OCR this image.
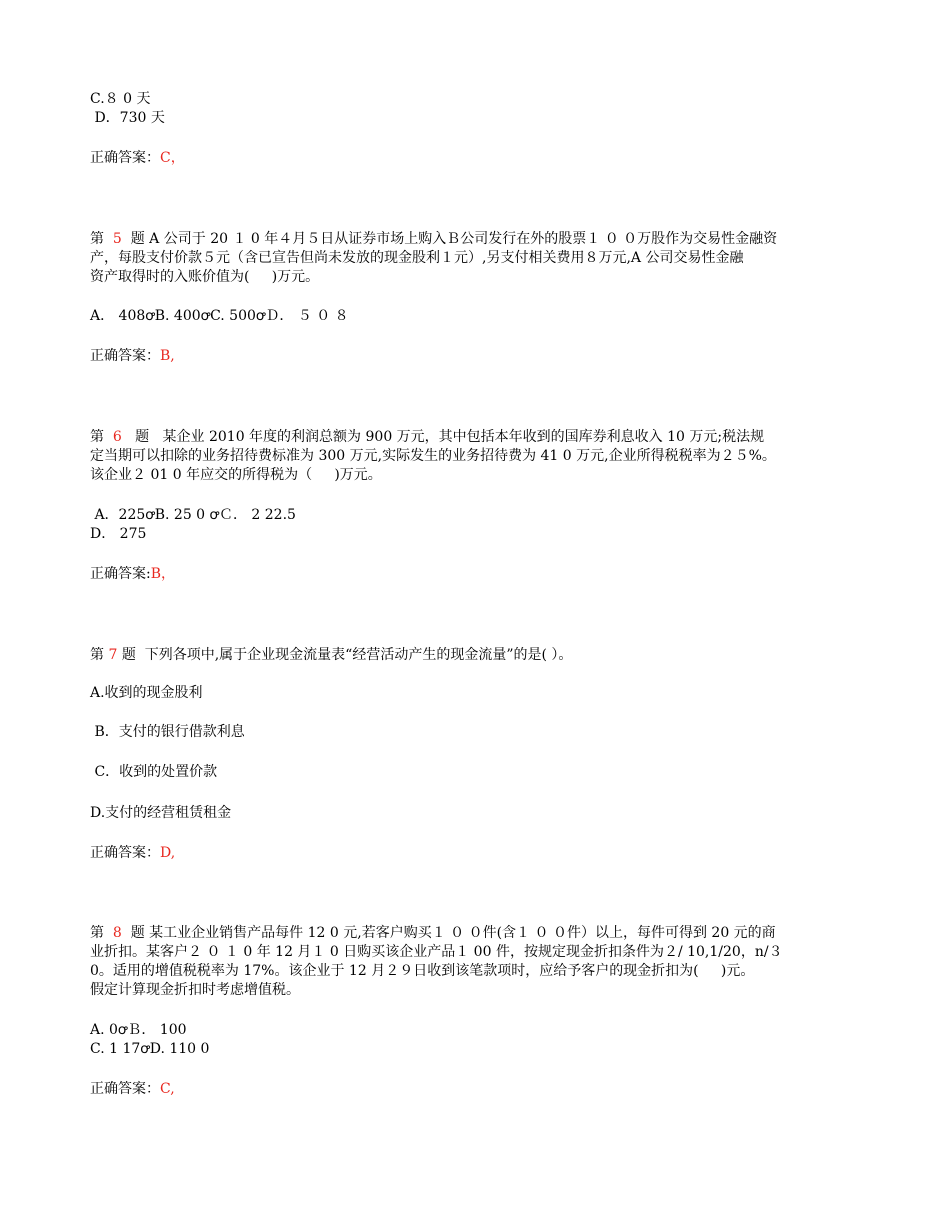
C.８ 0 天
D．730 天
正确答案：C，
第  5  题 A 公司于 20 １ 0 年４月５日从证券市场上购入Ｂ公司发行在外的股票１ ０ ０万股作为交易性金融资
产，每股支付价款５元（含已宣告但尚未发放的现金股利１元）,另支付相关费用８万元,A 公司交易性金融
资产取得时的入账价值为(     )万元。
A． 408ꝍB. 400ꝍC. 500ꝍＤ． ５ ０ ８
正确答案：B,
第  6   题   某企业 2010 年度的利润总额为 900 万元，其中包括本年收到的国库券利息收入 10 万元;税法规
定当期可以扣除的业务招待费标准为 300 万元,实际发生的业务招待费为 41 0 万元,企业所得税税率为２５%。
该企业２ 01 0 年应交的所得税为（     )万元。
A．225ꝍB. 25 0 ꝍＣ． 2 22.5
D． 275
正确答案:B，
第 7 题  下列各项中,属于企业现金流量表“经营活动产生的现金流量”的是( ）。
A.收到的现金股利
B．支付的银行借款利息
C．收到的处置价款
D.支付的经营租赁租金
正确答案：D,
第  8  题 某工业企业销售产品每件 12 0 元,若客户购买１ ０ ０件(含１ ０ ０件）以上，每件可得到 20 元的商
业折扣。某客户２ ０ １ 0 年 12 月１ 0 日购买该企业产品１ 00 件，按规定现金折扣条件为２/ 10,1/20，n/３
0。适用的增值税税率为 17%。该企业于 12 月２９日收到该笔款项时，应给予客户的现金折扣为(     )元。
假定计算现金折扣时考虑增值税。
A. 0ꝍＢ． 100
C. 1 17ꝍD. 110 0
正确答案：C,
